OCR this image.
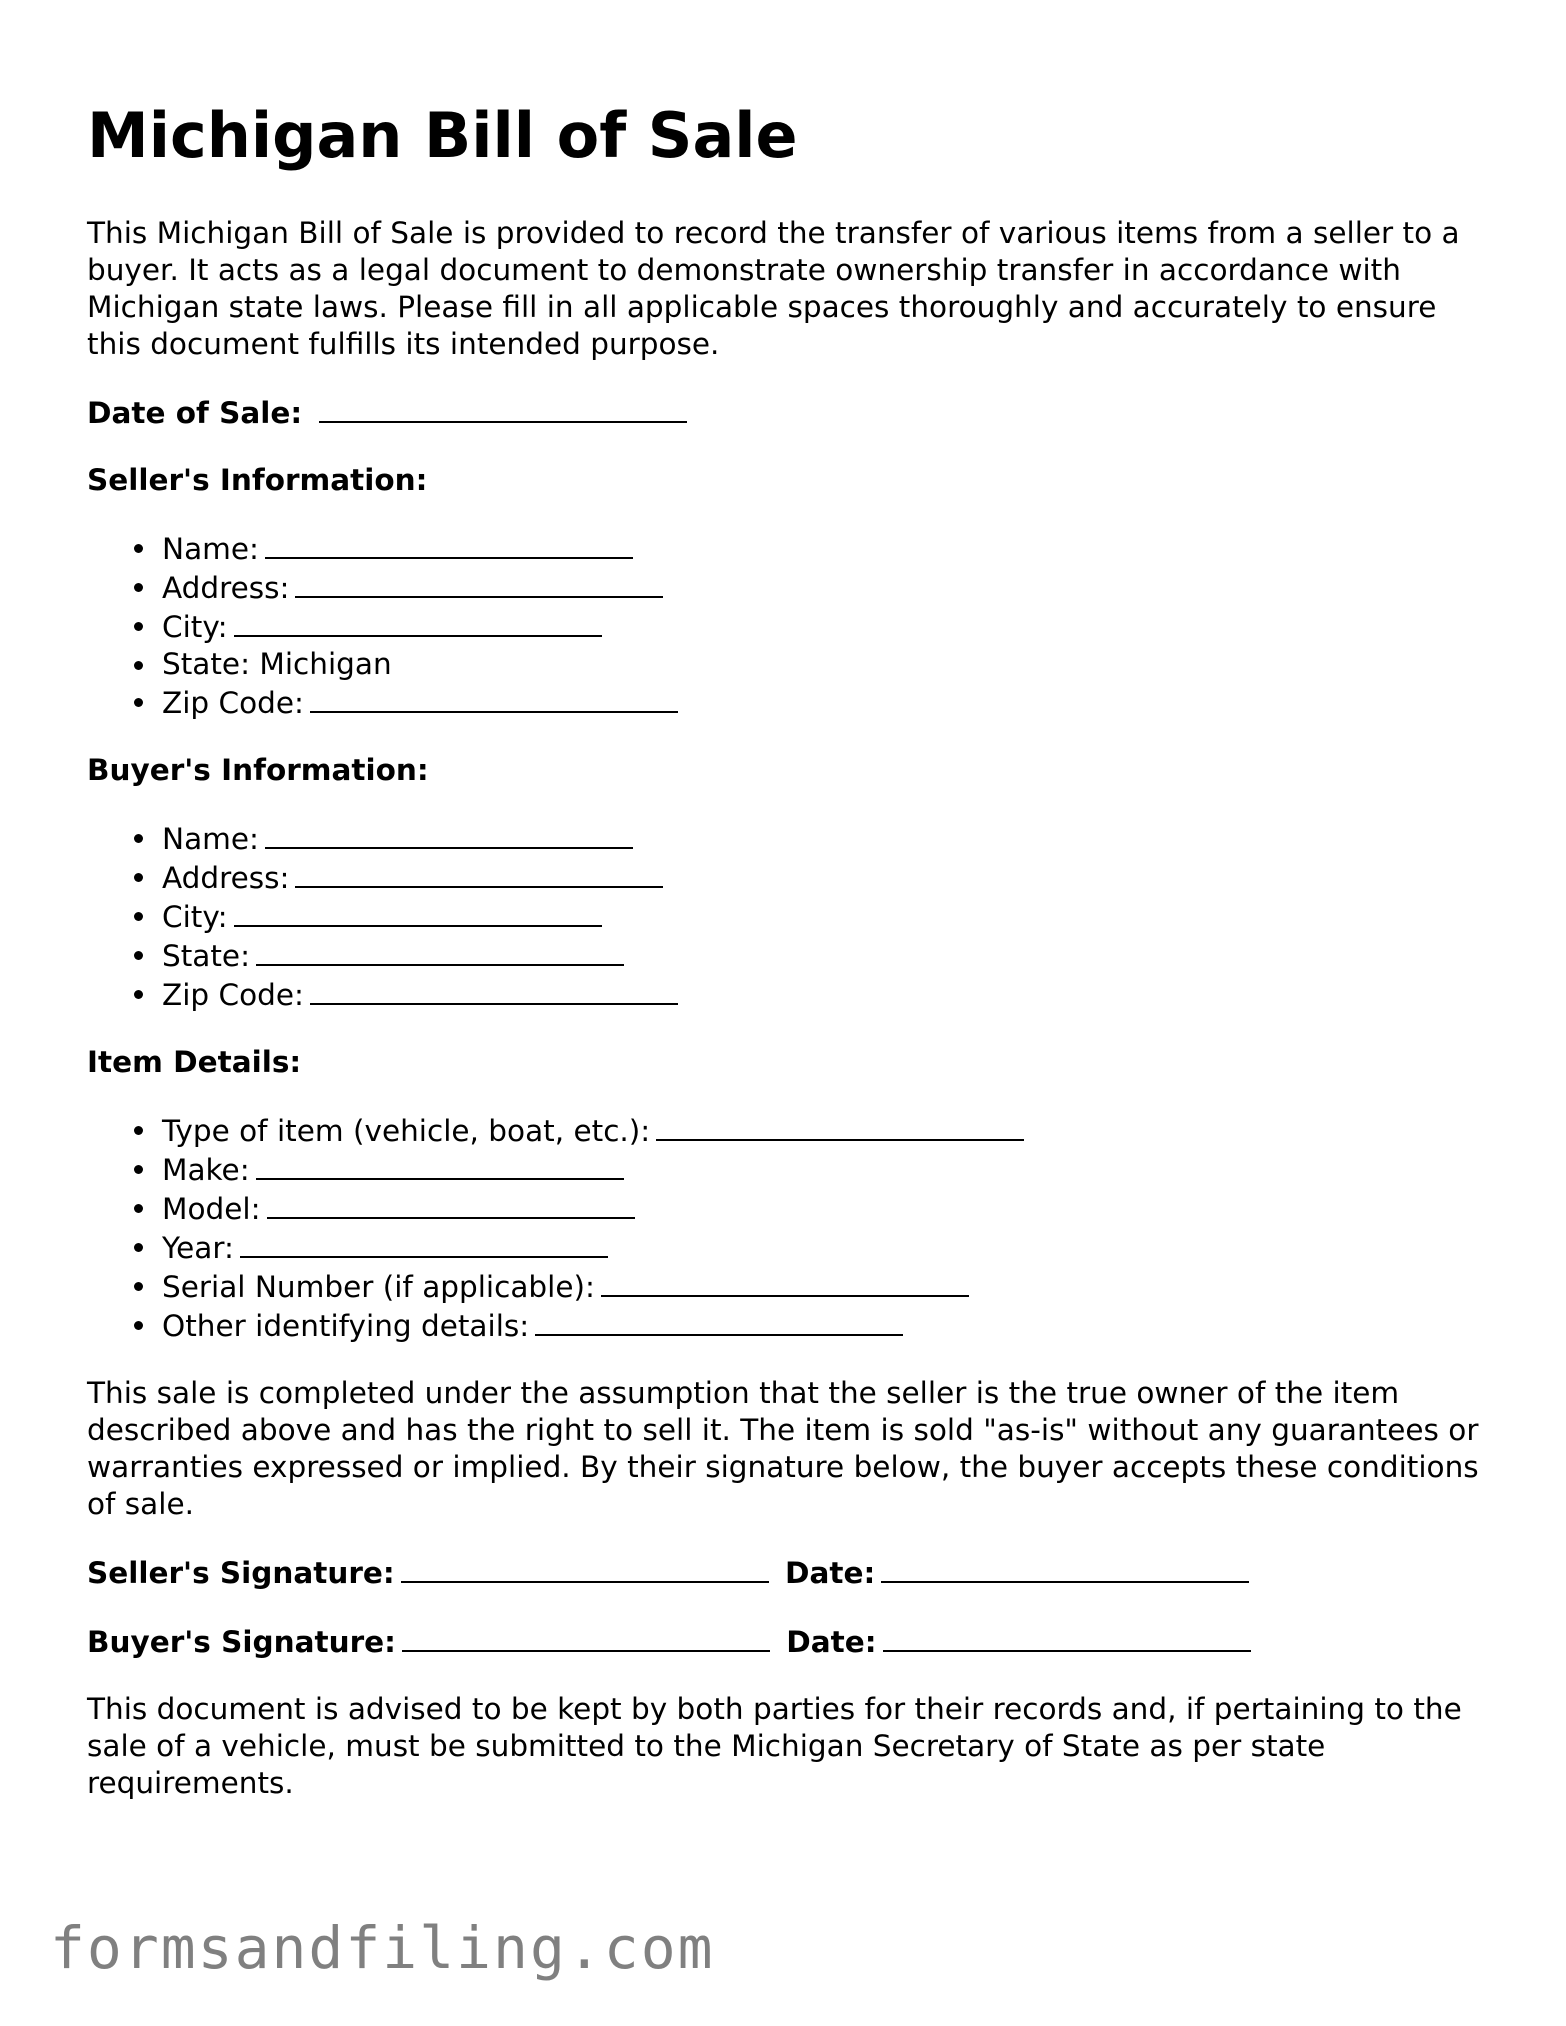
Michigan Bill of Sale

This Michigan Bill of Sale is provided to record the transfer of various items from a seller to a buyer. It acts as a legal document to demonstrate ownership transfer in accordance with Michigan state laws. Please fill in all applicable spaces thoroughly and accurately to ensure this document fulfills its intended purpose.

Date of Sale:
Seller's Information:
Name:
Address:
City:
State: Michigan
Zip Code:
Buyer's Information:
Name:
Address:
City:
State:
Zip Code:
Item Details:
Type of item (vehicle, boat, etc.):
Make:
Model:
Year:
Serial Number (if applicable):
Other identifying details:

This sale is completed under the assumption that the seller is the true owner of the item described above and has the right to sell it. The item is sold "as-is" without any guarantees or warranties expressed or implied. By their signature below, the buyer accepts these conditions of sale.

Seller's Signature:	Date:
Buyer's Signature:	Date:

This document is advised to be kept by both parties for their records and, if pertaining to the sale of a vehicle, must be submitted to the Michigan Secretary of State as per state requirements.

formsandfiling.com
